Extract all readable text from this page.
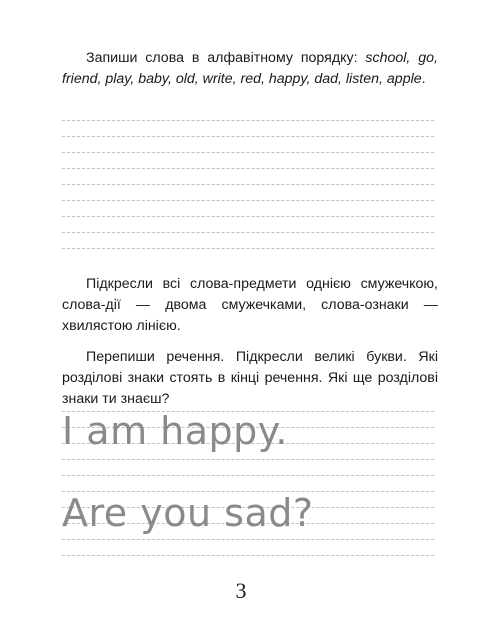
Запиши слова в алфавітному порядку: school, go, friend, play, baby, old, write, red, happy, dad, listen, apple.

Підкресли всі слова-предмети однією смужечкою, слова-дії — двома смужечками, слова-ознаки — хвилястою лінією.

Перепиши речення. Підкресли великі букви. Які розділові знаки стоять в кінці речення. Які ще розділові знаки ти знаєш?

I am happy.
Are you sad?
3
